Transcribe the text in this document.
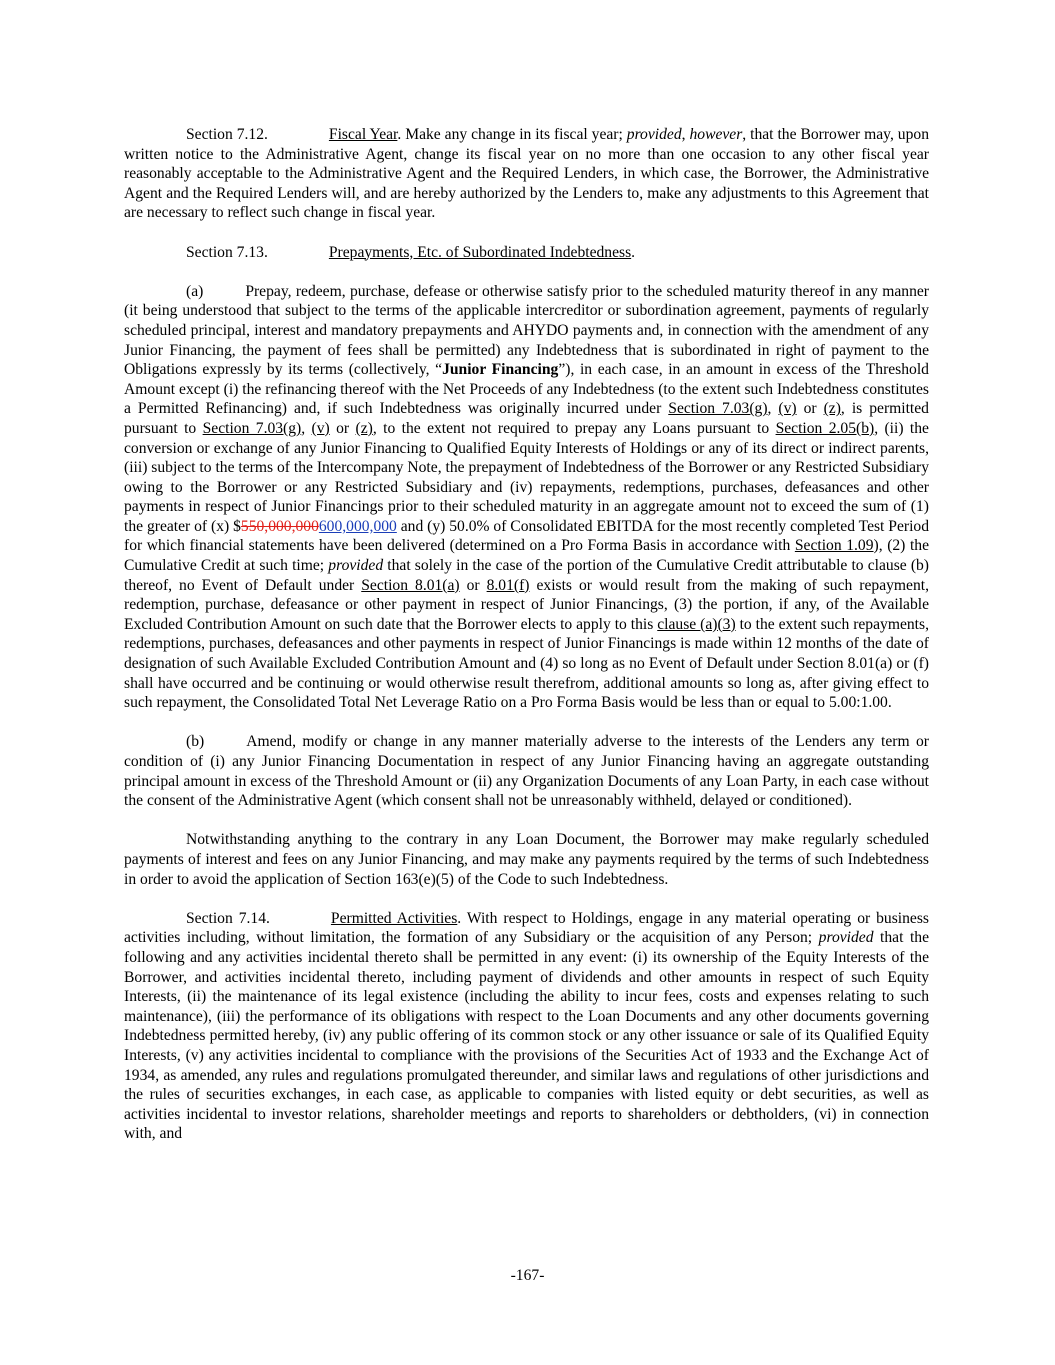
Section 7.12.	Fiscal Year. Make any change in its fiscal year; provided, however, that the Borrower may, upon written notice to the Administrative Agent, change its fiscal year on no more than one occasion to any other fiscal year reasonably acceptable to the Administrative Agent and the Required Lenders, in which case, the Borrower, the Administrative Agent and the Required Lenders will, and are hereby authorized by the Lenders to, make any adjustments to this Agreement that are necessary to reflect such change in fiscal year.

Section 7.13.	Prepayments, Etc. of Subordinated Indebtedness.

(a)	Prepay, redeem, purchase, defease or otherwise satisfy prior to the scheduled maturity thereof in any manner (it being understood that subject to the terms of the applicable intercreditor or subordination agreement, payments of regularly scheduled principal, interest and mandatory prepayments and AHYDO payments and, in connection with the amendment of any Junior Financing, the payment of fees shall be permitted) any Indebtedness that is subordinated in right of payment to the Obligations expressly by its terms (collectively, “Junior Financing”), in each case, in an amount in excess of the Threshold Amount except (i) the refinancing thereof with the Net Proceeds of any Indebtedness (to the extent such Indebtedness constitutes a Permitted Refinancing) and, if such Indebtedness was originally incurred under Section 7.03(g), (v) or (z), is permitted pursuant to Section 7.03(g), (v) or (z), to the extent not required to prepay any Loans pursuant to Section 2.05(b), (ii) the conversion or exchange of any Junior Financing to Qualified Equity Interests of Holdings or any of its direct or indirect parents, (iii) subject to the terms of the Intercompany Note, the prepayment of Indebtedness of the Borrower or any Restricted Subsidiary owing to the Borrower or any Restricted Subsidiary and (iv) repayments, redemptions, purchases, defeasances and other payments in respect of Junior Financings prior to their scheduled maturity in an aggregate amount not to exceed the sum of (1) the greater of (x) $550,000,000600,000,000 and (y) 50.0% of Consolidated EBITDA for the most recently completed Test Period for which financial statements have been delivered (determined on a Pro Forma Basis in accordance with Section 1.09), (2) the Cumulative Credit at such time; provided that solely in the case of the portion of the Cumulative Credit attributable to clause (b) thereof, no Event of Default under Section 8.01(a) or 8.01(f) exists or would result from the making of such repayment, redemption, purchase, defeasance or other payment in respect of Junior Financings, (3) the portion, if any, of the Available Excluded Contribution Amount on such date that the Borrower elects to apply to this clause (a)(3) to the extent such repayments, redemptions, purchases, defeasances and other payments in respect of Junior Financings is made within 12 months of the date of designation of such Available Excluded Contribution Amount and (4) so long as no Event of Default under Section 8.01(a) or (f) shall have occurred and be continuing or would otherwise result therefrom, additional amounts so long as, after giving effect to such repayment, the Consolidated Total Net Leverage Ratio on a Pro Forma Basis would be less than or equal to 5.00:1.00.

(b)	Amend, modify or change in any manner materially adverse to the interests of the Lenders any term or condition of (i) any Junior Financing Documentation in respect of any Junior Financing having an aggregate outstanding principal amount in excess of the Threshold Amount or (ii) any Organization Documents of any Loan Party, in each case without the consent of the Administrative Agent (which consent shall not be unreasonably withheld, delayed or conditioned).

Notwithstanding anything to the contrary in any Loan Document, the Borrower may make regularly scheduled payments of interest and fees on any Junior Financing, and may make any payments required by the terms of such Indebtedness in order to avoid the application of Section 163(e)(5) of the Code to such Indebtedness.

Section 7.14.	Permitted Activities. With respect to Holdings, engage in any material operating or business activities including, without limitation, the formation of any Subsidiary or the acquisition of any Person; provided that the following and any activities incidental thereto shall be permitted in any event: (i) its ownership of the Equity Interests of the Borrower, and activities incidental thereto, including payment of dividends and other amounts in respect of such Equity Interests, (ii) the maintenance of its legal existence (including the ability to incur fees, costs and expenses relating to such maintenance), (iii) the performance of its obligations with respect to the Loan Documents and any other documents governing Indebtedness permitted hereby, (iv) any public offering of its common stock or any other issuance or sale of its Qualified Equity Interests, (v) any activities incidental to compliance with the provisions of the Securities Act of 1933 and the Exchange Act of 1934, as amended, any rules and regulations promulgated thereunder, and similar laws and regulations of other jurisdictions and the rules of securities exchanges, in each case, as applicable to companies with listed equity or debt securities, as well as activities incidental to investor relations, shareholder meetings and reports to shareholders or debtholders, (vi) in connection with, and

-167-
